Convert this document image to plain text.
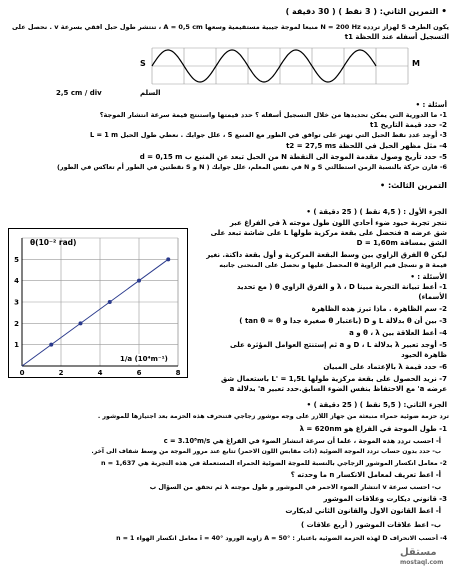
• التمرين الثاني: ( 3 نقط ) ( 30 دقيقة )
يكون الطرف S لهزاز تردده N = 200 Hz منبعا لموجة جيبية مستقيمية وسعها A = 0,5 cm ، تنتشر طول حبل افقي بسرعة v . نحصل على
التسجيل أسفله عند اللحظة t1
S	M
2,5 cm / div	السلم
أسئلة : •
1- ما الدورية التي يمكن تحديدها من خلال التسجيل أسفله ؟ حدد قيمتها واستنتج قيمة سرعة انتشار الموجة؟
2- حدد قيمة التاريخ t1
3- أوجد عدد نقط الحبل التي تهتز على توافق في الطور مع المنبع S ، علل جوابك . نعطي طول الحبل L = 1 m
4- مثل مظهر الحبل في اللحظة t2 = 27,5 ms
5- حدد تأريخ وصول مقدمة الموجة الى النقطة N من الحبل تبعد عن المنبع ب d = 0,15 m
6- قارن حركة بالنسبة الزمن استطالتي S و N في نفس المعلم، علل جوابك ( N و S نقطتين في الطور أم تعاكس في الطور)
التمرين الثالث: •
الجزء الأول : ( 4,5 نقط ) ( 25 دقيقة ) •
0	2	4	6	8
1
2
3
4
5
θ(10⁻² rad)
1/a (10⁴m⁻¹)
ننجز تجربة حيود ضوء أحادي اللون طول موجته λ في الفراغ عبر
شق عرضه a فنحصل على بقعة مركزية طولها L على شاشة تبعد على
الشق بمسافة D = 1,60m
ليكن θ الفرق الزاوي بين وسط البقعة المركزية و أول بقعة داكنة. نغير
قيمة a و نسجل قيم الزاوية θ المحصل عليها و نحصل على المنحنى جانبه
الأسئلة : •
1- أعط تبيانة التجربة مبينا λ ، D و الفرق الزاوي θ ( مع تحديد
الأسماء)
2- سم الظاهرة . ماذا تبرز هذه الظاهرة
3- بين أن θ بدلالة L و D (باعتبار θ صغيرة جدا و tan θ ≈ θ )
4- أعط العلاقة بين θ ، λ و a
5- أوجد تعبير λ بدلالة D ، L و a ثم إستنتج العوامل المؤثرة على
ظاهرة الحيود
6- حدد قيمة λ بالإعتماد على المبيان
7- نريد الحصول على بقعة مركزية طولها L' = 1,5L باستعمال شق
عرضه a' مع الاحتفاظ بنفس الضوء السابق.حدد تعبير a' بدلالة a
الجزء الثاني: ( 5,5 نقط ) ( 25 دقيقة ) •
ترد حزمة ضوئية حمراء منبعثة من جهاز اللازر على وجه موشور زجاجي فتنحرف هذه الحزمة بعد اجتيازها للموشور .
1- طول الموجة في الفراغ هو λ = 620nm
أ- احسب تردد هذه الموجة ، علما أن سرعة انتشار الضوء في الفراغ هي c = 3.10⁸m/s
ب- حدد بدون حساب تردد الموجة الضوئية (ذات مقابس اللون الاحمر) تتابع عند مرور الموجة من وسط شفاف الى آخر.
2- معامل انكسار الموشور الزجاجي بالنسبة للموجة الضوئية الحمراء المستعملة في هذه التجربة هي n = 1,637
أ- اعط تعريف لمعامل الانكسار n ما وحدته ؟
ب- احسب سرعة v انتشار الضوء الاحمر في الموشور و طول موجته λ ثم تحقق من السؤال ب
3- قانوني ديكارت وعلاقات الموشور
أ- اعط القانون الاول والقانون الثاني لديكارت
ب- اعط علاقات الموشور ( أربع علاقات )
4- أحسب الانحراف D لهذه الحزمة الضوئية باعتبار : A = 50° زاوية الورود i = 40° معامل انكسار الهواء n = 1
مستقل
mostaql.com
